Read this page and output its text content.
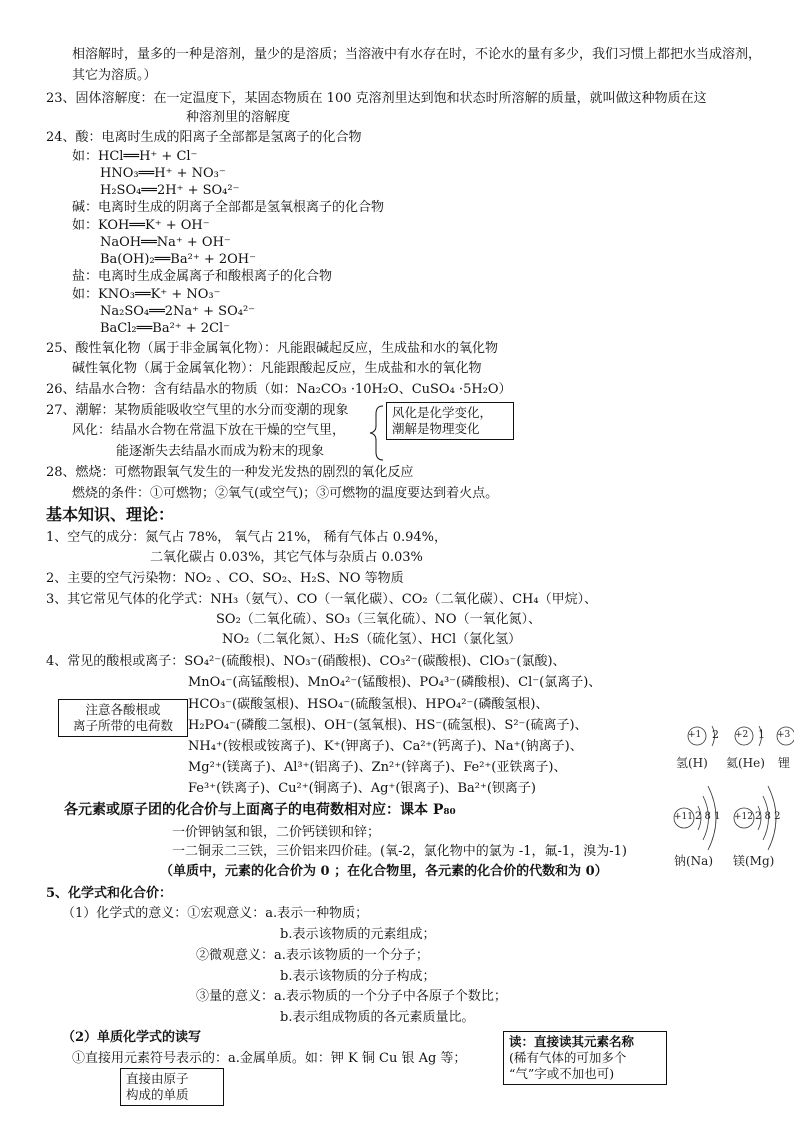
相溶解时，量多的一种是溶剂，量少的是溶质；当溶液中有水存在时，不论水的量有多少，我们习惯上都把水当成溶剂，
其它为溶质。）
23、固体溶解度：在一定温度下，某固态物质在 100 克溶剂里达到饱和状态时所溶解的质量，就叫做这种物质在这
种溶剂里的溶解度
24、酸：电离时生成的阳离子全部都是氢离子的化合物
如：HCl══H⁺ + Cl⁻
HNO₃══H⁺ + NO₃⁻
H₂SO₄══2H⁺ + SO₄²⁻
碱：电离时生成的阴离子全部都是氢氧根离子的化合物
如：KOH══K⁺ + OH⁻
NaOH══Na⁺ + OH⁻
Ba(OH)₂══Ba²⁺ + 2OH⁻
盐：电离时生成金属离子和酸根离子的化合物
如：KNO₃══K⁺ + NO₃⁻
Na₂SO₄══2Na⁺ + SO₄²⁻
BaCl₂══Ba²⁺ + 2Cl⁻
25、酸性氧化物（属于非金属氧化物）：凡能跟碱起反应，生成盐和水的氧化物
碱性氧化物（属于金属氧化物）：凡能跟酸起反应，生成盐和水的氧化物
26、结晶水合物：含有结晶水的物质（如：Na₂CO₃ ·10H₂O、CuSO₄ ·5H₂O）
27、潮解：某物质能吸收空气里的水分而变潮的现象
风化：结晶水合物在常温下放在干燥的空气里，
能逐渐失去结晶水而成为粉末的现象
28、燃烧：可燃物跟氧气发生的一种发光发热的剧烈的氧化反应
燃烧的条件：①可燃物；②氧气(或空气)；③可燃物的温度要达到着火点。
基本知识、理论：
1、空气的成分：氮气占 78%， 氧气占 21%， 稀有气体占 0.94%，
二氧化碳占 0.03%，其它气体与杂质占 0.03%
2、主要的空气污染物：NO₂ 、CO、SO₂、H₂S、NO 等物质
3、其它常见气体的化学式：NH₃（氨气）、CO（一氧化碳）、CO₂（二氧化碳）、CH₄（甲烷）、
SO₂（二氧化硫）、SO₃（三氧化硫）、NO（一氧化氮）、
NO₂（二氧化氮）、H₂S（硫化氢）、HCl（氯化氢）
4、常见的酸根或离子：SO₄²⁻(硫酸根)、NO₃⁻(硝酸根)、CO₃²⁻(碳酸根)、ClO₃⁻(氯酸)、
MnO₄⁻(高锰酸根)、MnO₄²⁻(锰酸根)、PO₄³⁻(磷酸根)、Cl⁻(氯离子)、
HCO₃⁻(碳酸氢根)、HSO₄⁻(硫酸氢根)、HPO₄²⁻(磷酸氢根)、
H₂PO₄⁻(磷酸二氢根)、OH⁻(氢氧根)、HS⁻(硫氢根)、S²⁻(硫离子)、
NH₄⁺(铵根或铵离子)、K⁺(钾离子)、Ca²⁺(钙离子)、Na⁺(钠离子)、
Mg²⁺(镁离子)、Al³⁺(铝离子)、Zn²⁺(锌离子)、Fe²⁺(亚铁离子)、
Fe³⁺(铁离子)、Cu²⁺(铜离子)、Ag⁺(银离子)、Ba²⁺(钡离子)
各元素或原子团的化合价与上面离子的电荷数相对应：课本 P₈₀
一价钾钠氢和银，二价钙镁钡和锌；
一二铜汞二三铁，三价铝来四价硅。(氧-2，氯化物中的氯为 -1，氟-1，溴为-1)
（单质中，元素的化合价为 0 ；在化合物里，各元素的化合价的代数和为 0）
5、化学式和化合价：
（1）化学式的意义：①宏观意义：a.表示一种物质；
b.表示该物质的元素组成；
②微观意义：a.表示该物质的一个分子；
b.表示该物质的分子构成；
③量的意义：a.表示物质的一个分子中各原子个数比；
b.表示组成物质的各元素质量比。
（2）单质化学式的读写
①直接用元素符号表示的：a.金属单质。如：钾 K 铜 Cu 银 Ag 等；
风化是化学变化，
潮解是物理变化
注意各酸根或
离子所带的电荷数
读：直接读其元素名称
(稀有气体的可加多个
“气”字或不加也可)
直接由原子
构成的单质
+1 2 +2 1 +3
氢(H) 氦(He) 锂
+11 2 8 1 +12 2 8 2
钠(Na) 镁(Mg)
